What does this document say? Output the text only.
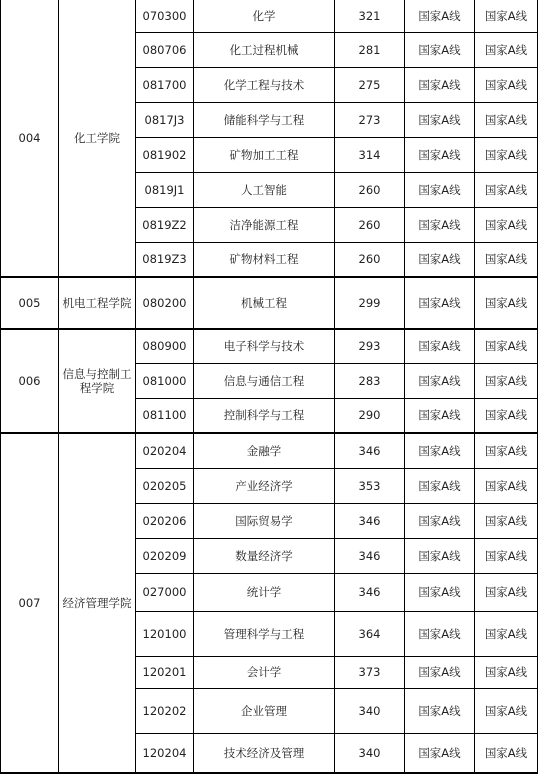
004	化工学院	070300	化学	321	国家A线	国家A线
		080706	化工过程机械	281	国家A线	国家A线
		081700	化学工程与技术	275	国家A线	国家A线
		0817J3	储能科学与工程	273	国家A线	国家A线
		081902	矿物加工工程	314	国家A线	国家A线
		0819J1	人工智能	260	国家A线	国家A线
		0819Z2	洁净能源工程	260	国家A线	国家A线
		0819Z3	矿物材料工程	260	国家A线	国家A线
005	机电工程学院	080200	机械工程	299	国家A线	国家A线
006	信息与控制工程学院	080900	电子科学与技术	293	国家A线	国家A线
		081000	信息与通信工程	283	国家A线	国家A线
		081100	控制科学与工程	290	国家A线	国家A线
007	经济管理学院	020204	金融学	346	国家A线	国家A线
		020205	产业经济学	353	国家A线	国家A线
		020206	国际贸易学	346	国家A线	国家A线
		020209	数量经济学	346	国家A线	国家A线
		027000	统计学	346	国家A线	国家A线
		120100	管理科学与工程	364	国家A线	国家A线
		120201	会计学	373	国家A线	国家A线
		120202	企业管理	340	国家A线	国家A线
		120204	技术经济及管理	340	国家A线	国家A线
